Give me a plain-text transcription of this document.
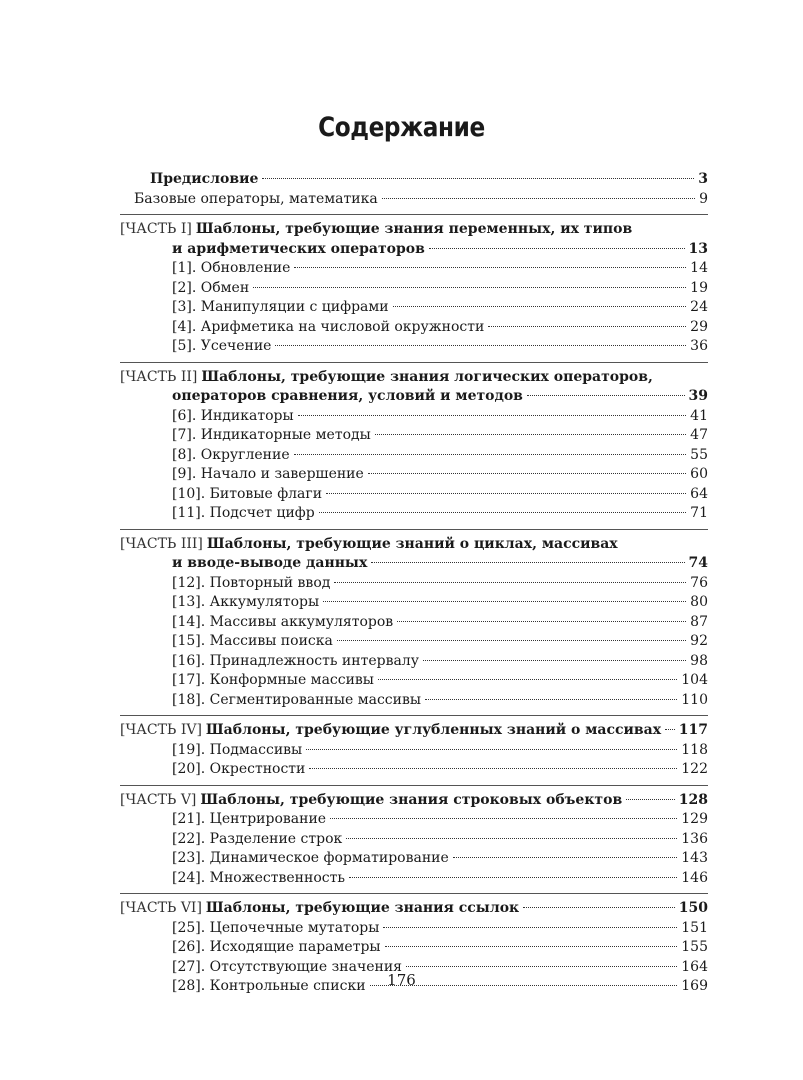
Содержание
Предисловие	3
Базовые операторы, математика	9
[ЧАСТЬ I] Шаблоны, требующие знания переменных, их типов
и арифметических операторов	13
[1]. Обновление	14
[2]. Обмен	19
[3]. Манипуляции с цифрами	24
[4]. Арифметика на числовой окружности	29
[5]. Усечение	36
[ЧАСТЬ II] Шаблоны, требующие знания логических операторов,
операторов сравнения, условий и методов	39
[6]. Индикаторы	41
[7]. Индикаторные методы	47
[8]. Округление	55
[9]. Начало и завершение	60
[10]. Битовые флаги	64
[11]. Подсчет цифр	71
[ЧАСТЬ III] Шаблоны, требующие знаний о циклах, массивах
и вводе-выводе данных	74
[12]. Повторный ввод	76
[13]. Аккумуляторы	80
[14]. Массивы аккумуляторов	87
[15]. Массивы поиска	92
[16]. Принадлежность интервалу	98
[17]. Конформные массивы	104
[18]. Сегментированные массивы	110
[ЧАСТЬ IV] Шаблоны, требующие углубленных знаний о массивах 117
[19]. Подмассивы	118
[20]. Окрестности	122
[ЧАСТЬ V] Шаблоны, требующие знания строковых объектов	128
[21]. Центрирование	129
[22]. Разделение строк	136
[23]. Динамическое форматирование	143
[24]. Множественность	146
[ЧАСТЬ VI] Шаблоны, требующие знания ссылок	150
[25]. Цепочечные мутаторы	151
[26]. Исходящие параметры	155
[27]. Отсутствующие значения	164
[28]. Контрольные списки	169
176
